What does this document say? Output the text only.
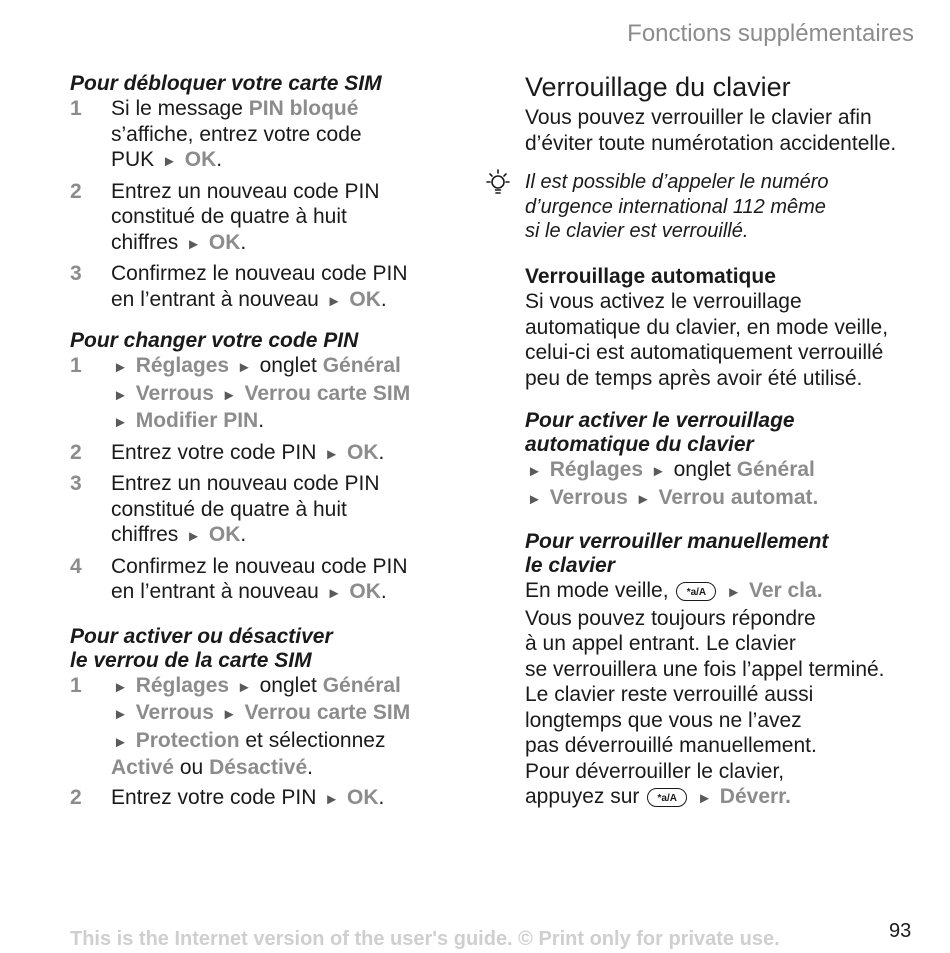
Fonctions supplémentaires

Pour débloquer votre carte SIM

1 Si le message PIN bloqué
s’affiche, entrez votre code
PUK ► OK.
2 Entrez un nouveau code PIN
constitué de quatre à huit
chiffres ► OK.
3 Confirmez le nouveau code PIN
en l’entrant à nouveau ► OK.

Pour changer votre code PIN

1 ► Réglages ► onglet Général
► Verrous ► Verrou carte SIM
► Modifier PIN.
2 Entrez votre code PIN ► OK.
3 Entrez un nouveau code PIN
constitué de quatre à huit
chiffres ► OK.
4 Confirmez le nouveau code PIN
en l’entrant à nouveau ► OK.

Pour activer ou désactiver

le verrou de la carte SIM

1 ► Réglages ► onglet Général
► Verrous ► Verrou carte SIM
► Protection et sélectionnez
Activé ou Désactivé.
2 Entrez votre code PIN ► OK.
Verrouillage du clavier

Vous pouvez verrouiller le clavier afin

d’éviter toute numérotation accidentelle.

Il est possible d’appeler le numéro
d’urgence international 112 même
si le clavier est verrouillé.

Verrouillage automatique

Si vous activez le verrouillage

automatique du clavier, en mode veille,

celui-ci est automatiquement verrouillé

peu de temps après avoir été utilisé.

Pour activer le verrouillage

automatique du clavier

► Réglages ► onglet Général

► Verrous ► Verrou automat.

Pour verrouiller manuellement

le clavier

En mode veille, *a/A ► Ver cla.

Vous pouvez toujours répondre

à un appel entrant. Le clavier

se verrouillera une fois l’appel terminé.

Le clavier reste verrouillé aussi

longtemps que vous ne l’avez

pas déverrouillé manuellement.

Pour déverrouiller le clavier,

appuyez sur *a/A ► Déverr.

This is the Internet version of the user's guide. © Print only for private use.	93
